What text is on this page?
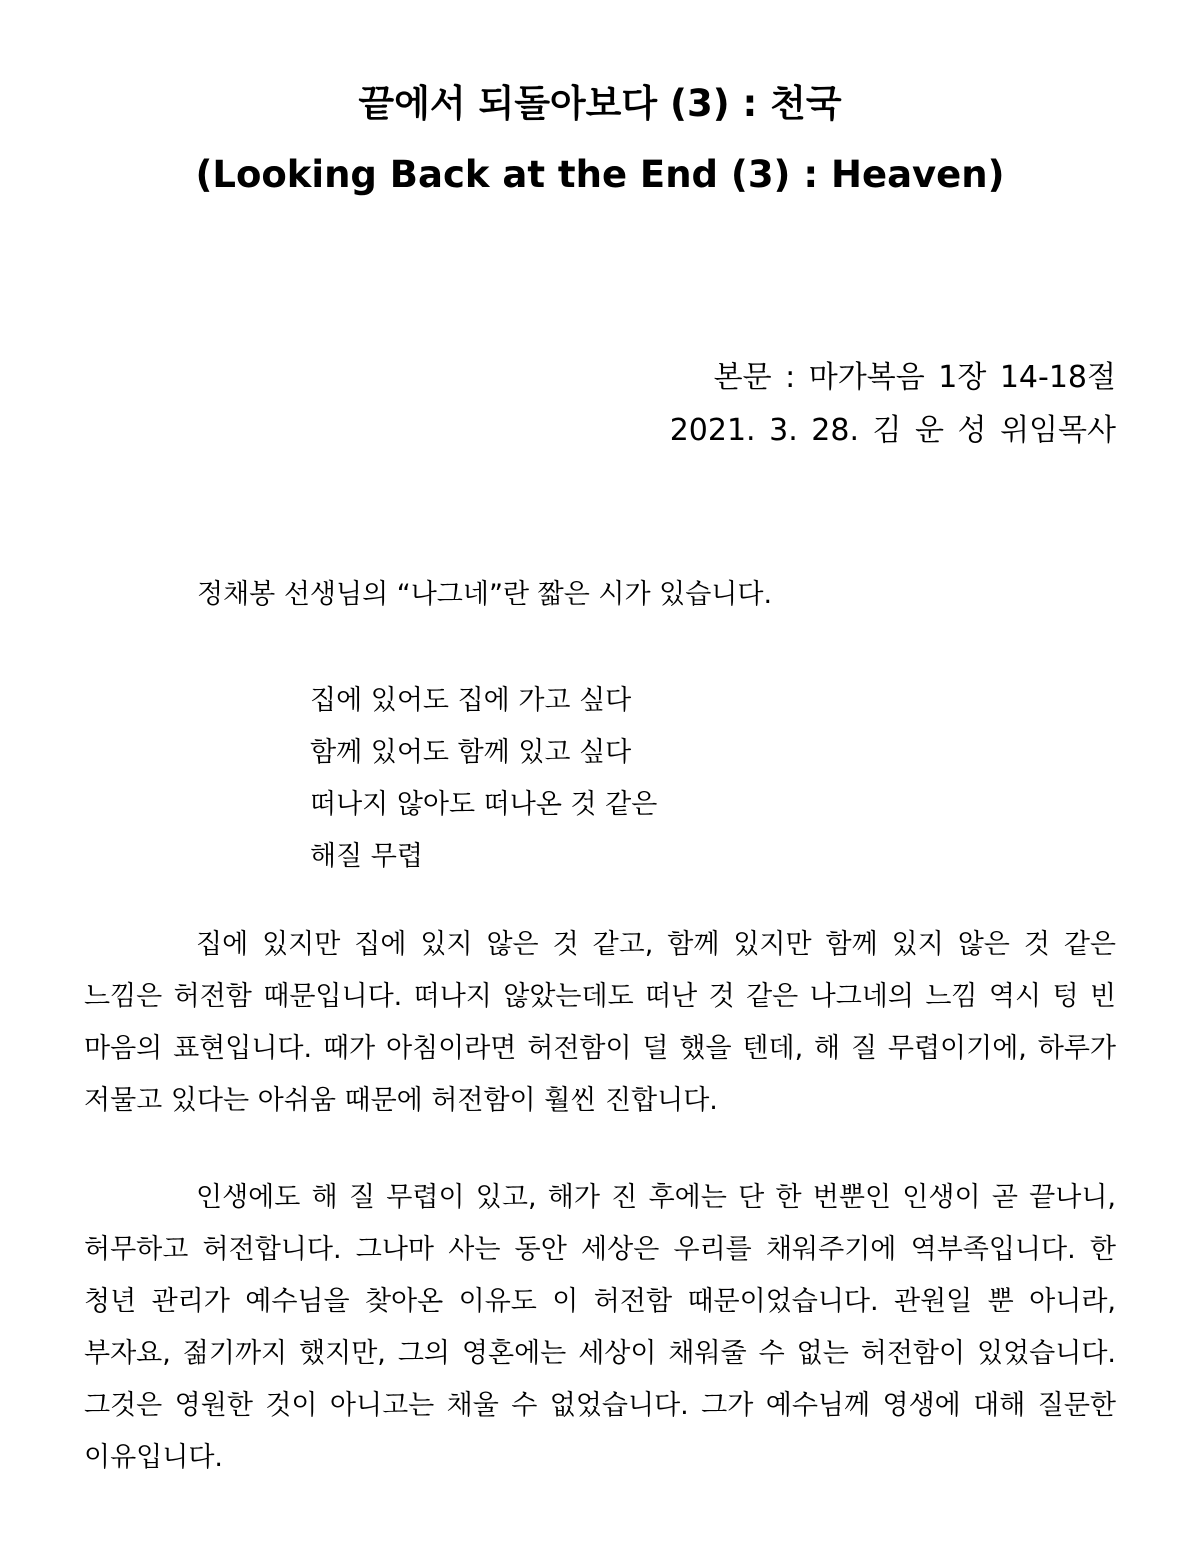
끝에서 되돌아보다 (3) : 천국
(Looking Back at the End (3) : Heaven)
본문 : 마가복음 1장 14-18절
2021. 3. 28. 김 운 성 위임목사
정채봉 선생님의 “나그네”란 짧은 시가 있습니다.
집에 있어도 집에 가고 싶다
함께 있어도 함께 있고 싶다
떠나지 않아도 떠나온 것 같은
해질 무렵

집에 있지만 집에 있지 않은 것 같고, 함께 있지만 함께 있지 않은 것 같은 느낌은 허전함 때문입니다. 떠나지 않았는데도 떠난 것 같은 나그네의 느낌 역시 텅 빈 마음의 표현입니다. 때가 아침이라면 허전함이 덜 했을 텐데, 해 질 무렵이기에, 하루가 저물고 있다는 아쉬움 때문에 허전함이 훨씬 진합니다.

인생에도 해 질 무렵이 있고, 해가 진 후에는 단 한 번뿐인 인생이 곧 끝나니, 허무하고 허전합니다. 그나마 사는 동안 세상은 우리를 채워주기에 역부족입니다. 한 청년 관리가 예수님을 찾아온 이유도 이 허전함 때문이었습니다. 관원일 뿐 아니라, 부자요, 젊기까지 했지만, 그의 영혼에는 세상이 채워줄 수 없는 허전함이 있었습니다. 그것은 영원한 것이 아니고는 채울 수 없었습니다. 그가 예수님께 영생에 대해 질문한 이유입니다.
